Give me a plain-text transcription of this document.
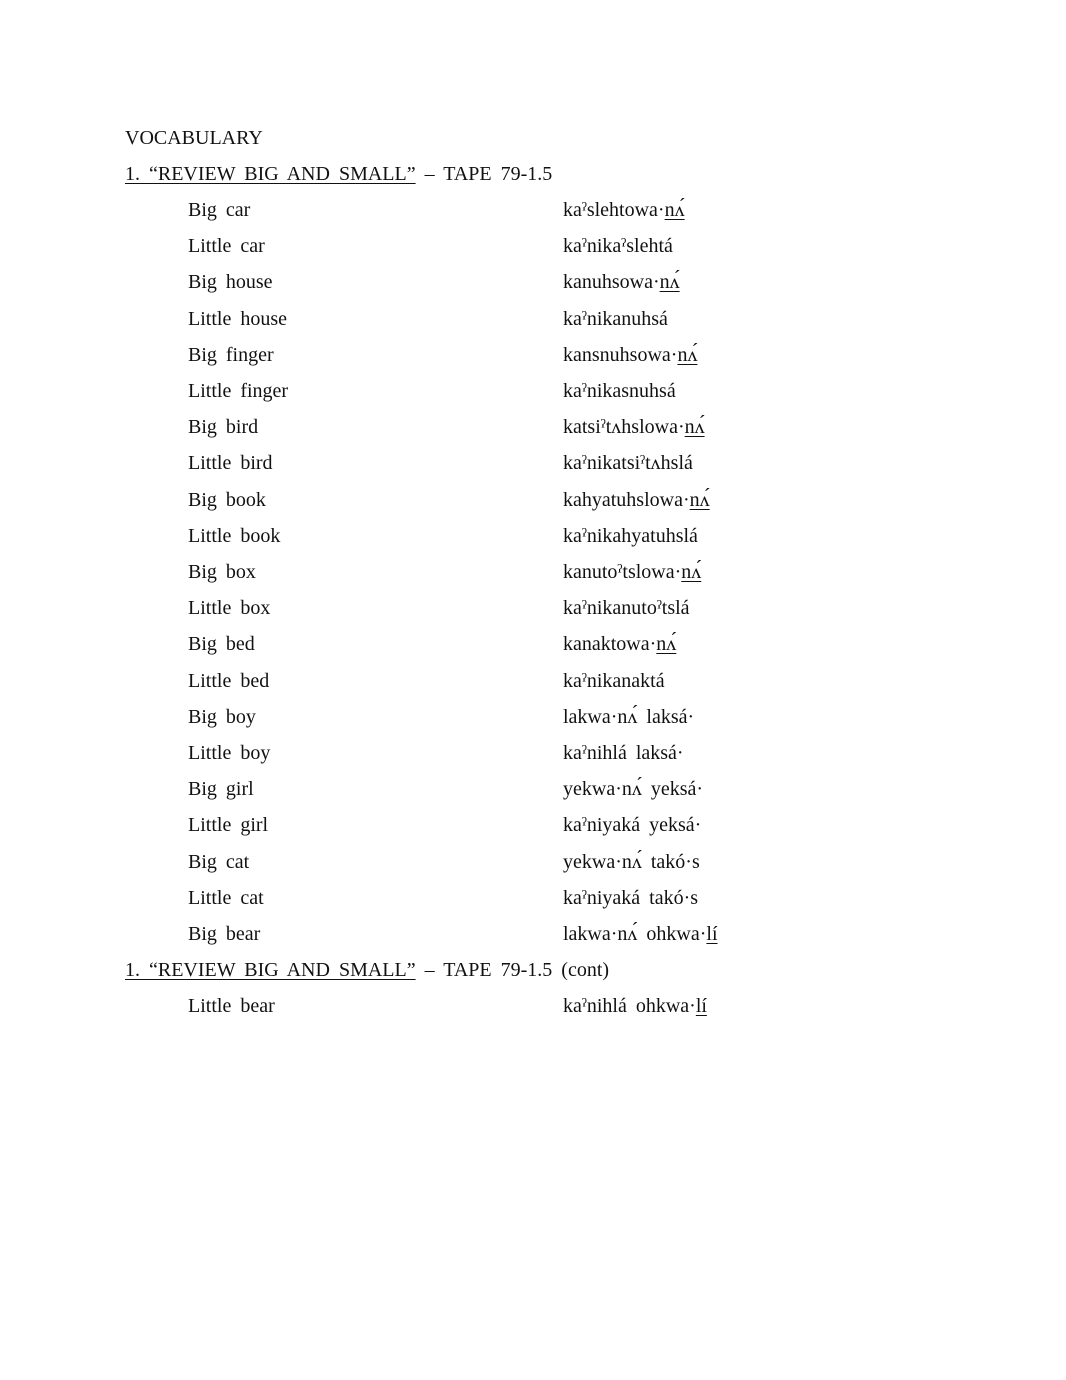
VOCABULARY
1. “REVIEW BIG AND SMALL” – TAPE 79-1.5
Big car	kaˀslehtowa·nʌ́
Little car	kaˀnikaˀslehtá
Big house	kanuhsowa·nʌ́
Little house	kaˀnikanuhsá
Big finger	kansnuhsowa·nʌ́
Little finger	kaˀnikasnuhsá
Big bird	katsiˀtʌhslowa·nʌ́
Little bird	kaˀnikatsiˀtʌhslá
Big book	kahyatuhslowa·nʌ́
Little book	kaˀnikahyatuhslá
Big box	kanutoˀtslowa·nʌ́
Little box	kaˀnikanutoˀtslá
Big bed	kanaktowa·nʌ́
Little bed	kaˀnikanaktá
Big boy	lakwa·nʌ́ laksá·
Little boy	kaˀnihlá laksá·
Big girl	yekwa·nʌ́ yeksá·
Little girl	kaˀniyaká yeksá·
Big cat	yekwa·nʌ́ takó·s
Little cat	kaˀniyaká takó·s
Big bear	lakwa·nʌ́ ohkwa·lí
1. “REVIEW BIG AND SMALL” – TAPE 79-1.5 (cont)
Little bear	kaˀnihlá ohkwa·lí
